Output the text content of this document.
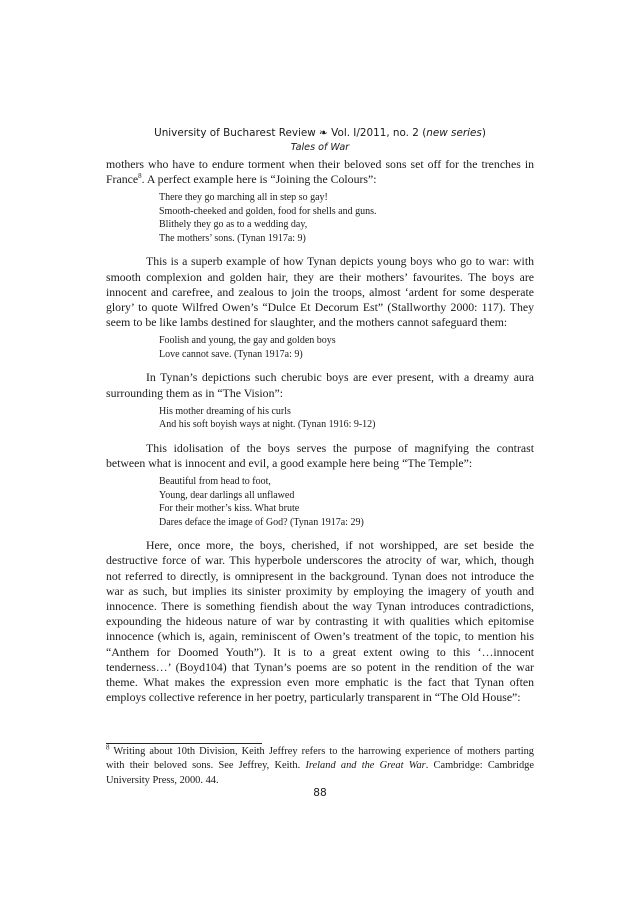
University of Bucharest Review ❧ Vol. I/2011, no. 2 (new series)
Tales of War

mothers who have to endure torment when their beloved sons set off for the trenches in France$^8$. A perfect example here is “Joining the Colours”:

There they go marching all in step so gay!
Smooth-cheeked and golden, food for shells and guns.
Blithely they go as to a wedding day,
The mothers’ sons. (Tynan 1917a: 9)

This is a superb example of how Tynan depicts young boys who go to war: with smooth complexion and golden hair, they are their mothers’ favourites. The boys are innocent and carefree, and zealous to join the troops, almost ‘ardent for some desperate glory’ to quote Wilfred Owen’s “Dulce Et Decorum Est” (Stallworthy 2000: 117). They seem to be like lambs destined for slaughter, and the mothers cannot safeguard them:

Foolish and young, the gay and golden boys
Love cannot save. (Tynan 1917a: 9)

In Tynan’s depictions such cherubic boys are ever present, with a dreamy aura surrounding them as in “The Vision”:

His mother dreaming of his curls
And his soft boyish ways at night. (Tynan 1916: 9-12)

This idolisation of the boys serves the purpose of magnifying the contrast between what is innocent and evil, a good example here being “The Temple”:

Beautiful from head to foot,
Young, dear darlings all unflawed
For their mother’s kiss. What brute
Dares deface the image of God? (Tynan 1917a: 29)

Here, once more, the boys, cherished, if not worshipped, are set beside the destructive force of war. This hyperbole underscores the atrocity of war, which, though not referred to directly, is omnipresent in the background. Tynan does not introduce the war as such, but implies its sinister proximity by employing the imagery of youth and innocence. There is something fiendish about the way Tynan introduces contradictions, expounding the hideous nature of war by contrasting it with qualities which epitomise innocence (which is, again, reminiscent of Owen’s treatment of the topic, to mention his “Anthem for Doomed Youth”). It is to a great extent owing to this ‘…innocent tenderness…’ (Boyd104) that Tynan’s poems are so potent in the rendition of the war theme. What makes the expression even more emphatic is the fact that Tynan often employs collective reference in her poetry, particularly transparent in “The Old House”:

$^8$ Writing about 10th Division, Keith Jeffrey refers to the harrowing experience of mothers parting with their beloved sons. See Jeffrey, Keith. Ireland and the Great War. Cambridge: Cambridge University Press, 2000. 44.
88
